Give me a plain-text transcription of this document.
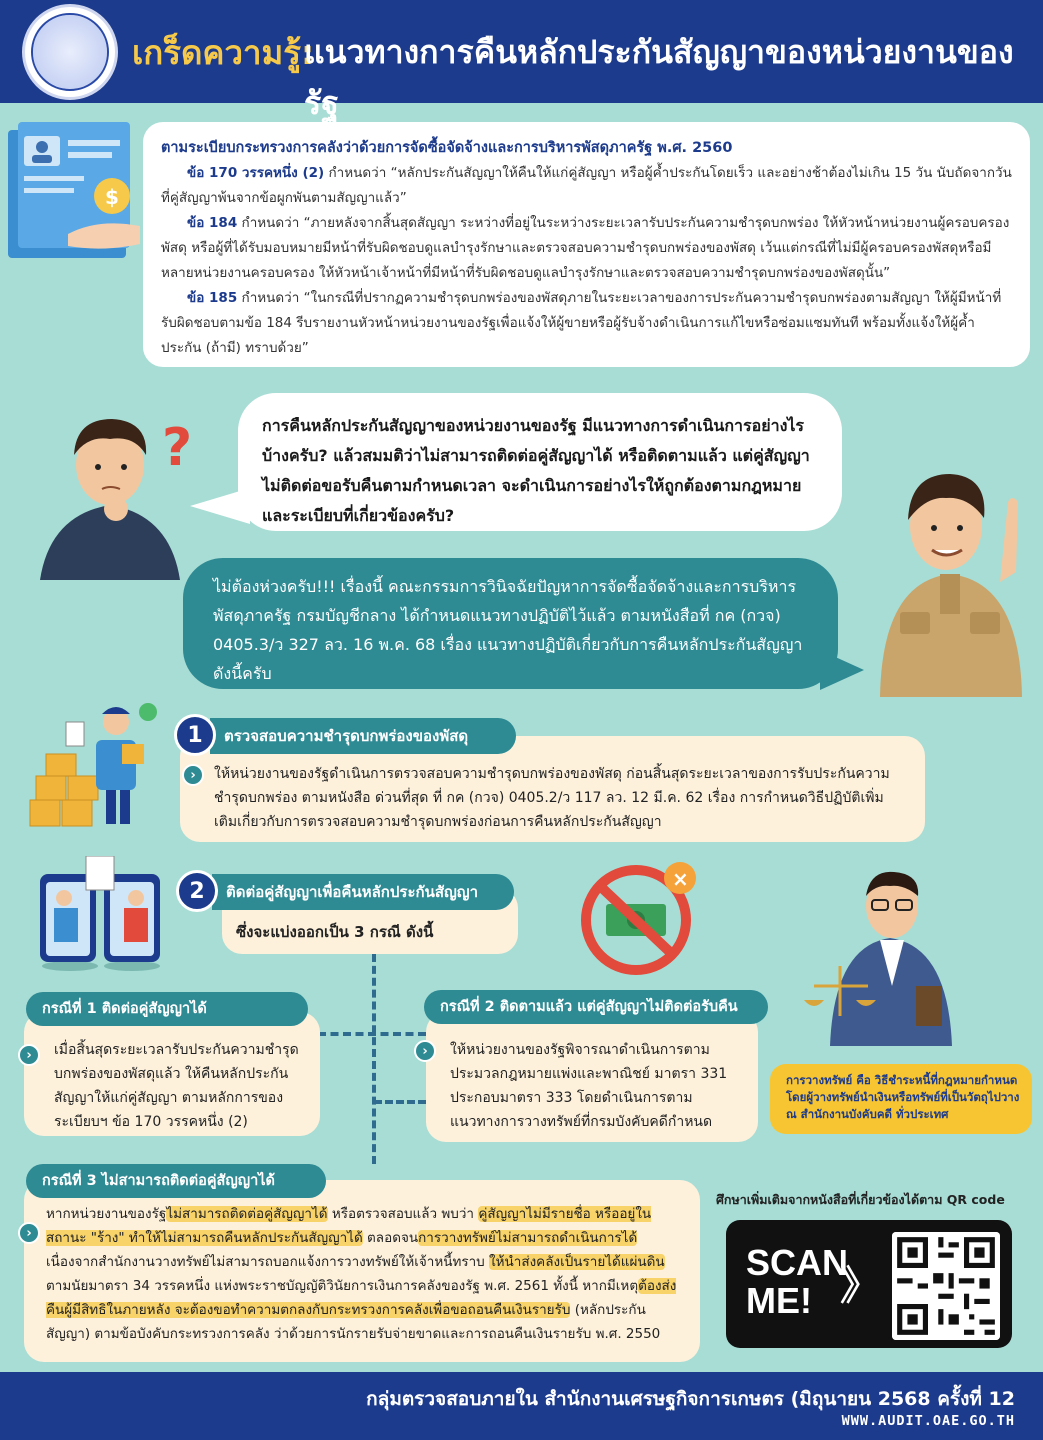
เกร็ดความรู้:
แนวทางการคืนหลักประกันสัญญาของหน่วยงานของรัฐ
$
ตามระเบียบกระทรวงการคลังว่าด้วยการจัดซื้อจัดจ้างและการบริหารพัสดุภาครัฐ พ.ศ. 2560

ข้อ 170 วรรคหนึ่ง (2) กำหนดว่า “หลักประกันสัญญาให้คืนให้แก่คู่สัญญา หรือผู้ค้ำประกันโดยเร็ว และอย่างช้าต้องไม่เกิน 15 วัน นับถัดจากวันที่คู่สัญญาพ้นจากข้อผูกพันตามสัญญาแล้ว”

ข้อ 184 กำหนดว่า “ภายหลังจากสิ้นสุดสัญญา ระหว่างที่อยู่ในระหว่างระยะเวลารับประกันความชำรุดบกพร่อง ให้หัวหน้าหน่วยงานผู้ครอบครองพัสดุ หรือผู้ที่ได้รับมอบหมายมีหน้าที่รับผิดชอบดูแลบำรุงรักษาและตรวจสอบความชำรุดบกพร่องของพัสดุ เว้นแต่กรณีที่ไม่มีผู้ครอบครองพัสดุหรือมีหลายหน่วยงานครอบครอง ให้หัวหน้าเจ้าหน้าที่มีหน้าที่รับผิดชอบดูแลบำรุงรักษาและตรวจสอบความชำรุดบกพร่องของพัสดุนั้น”

ข้อ 185 กำหนดว่า “ในกรณีที่ปรากฏความชำรุดบกพร่องของพัสดุภายในระยะเวลาของการประกันความชำรุดบกพร่องตามสัญญา ให้ผู้มีหน้าที่รับผิดชอบตามข้อ 184 รีบรายงานหัวหน้าหน่วยงานของรัฐเพื่อแจ้งให้ผู้ขายหรือผู้รับจ้างดำเนินการแก้ไขหรือซ่อมแซมทันที พร้อมทั้งแจ้งให้ผู้ค้ำประกัน (ถ้ามี) ทราบด้วย”

?	การคืนหลักประกันสัญญาของหน่วยงานของรัฐ มีแนวทางการดำเนินการอย่างไรบ้างครับ? แล้วสมมติว่าไม่สามารถติดต่อคู่สัญญาได้ หรือติดตามแล้ว แต่คู่สัญญาไม่ติดต่อขอรับคืนตามกำหนดเวลา จะดำเนินการอย่างไรให้ถูกต้องตามกฎหมายและระเบียบที่เกี่ยวข้องครับ?
ไม่ต้องห่วงครับ!!! เรื่องนี้ คณะกรรมการวินิจฉัยปัญหาการจัดซื้อจัดจ้างและการบริหารพัสดุภาครัฐ กรมบัญชีกลาง ได้กำหนดแนวทางปฏิบัติไว้แล้ว ตามหนังสือที่ กค (กวจ) 0405.3/ว 327 ลว. 16 พ.ค. 68 เรื่อง แนวทางปฏิบัติเกี่ยวกับการคืนหลักประกันสัญญา ดังนี้ครับ
ให้หน่วยงานของรัฐดำเนินการตรวจสอบความชำรุดบกพร่องของพัสดุ ก่อนสิ้นสุดระยะเวลาของการรับประกันความชำรุดบกพร่อง ตามหนังสือ ด่วนที่สุด ที่ กค (กวจ) 0405.2/ว 117 ลว. 12 มี.ค. 62 เรื่อง การกำหนดวิธีปฏิบัติเพิ่มเติมเกี่ยวกับการตรวจสอบความชำรุดบกพร่องก่อนการคืนหลักประกันสัญญา
›
ตรวจสอบความชำรุดบกพร่องของพัสดุ
1
ซึ่งจะแบ่งออกเป็น 3 กรณี ดังนี้
ติดต่อคู่สัญญาเพื่อคืนหลักประกันสัญญา
2	×
เมื่อสิ้นสุดระยะเวลารับประกันความชำรุดบกพร่องของพัสดุแล้ว ให้คืนหลักประกันสัญญาให้แก่คู่สัญญา ตามหลักการของระเบียบฯ ข้อ 170 วรรคหนึ่ง (2)
›
กรณีที่ 1 ติดต่อคู่สัญญาได้
ให้หน่วยงานของรัฐพิจารณาดำเนินการตามประมวลกฎหมายแพ่งและพาณิชย์ มาตรา 331 ประกอบมาตรา 333 โดยดำเนินการตามแนวทางการวางทรัพย์ที่กรมบังคับคดีกำหนด
›
กรณีที่ 2 ติดตามแล้ว แต่คู่สัญญาไม่ติดต่อรับคืน
การวางทรัพย์ คือ วิธีชำระหนี้ที่กฎหมายกำหนด โดยผู้วางทรัพย์นำเงินหรือทรัพย์ที่เป็นวัตถุไปวาง ณ สำนักงานบังคับคดี ทั่วประเทศ
หากหน่วยงานของรัฐไม่สามารถติดต่อคู่สัญญาได้ หรือตรวจสอบแล้ว พบว่า คู่สัญญาไม่มีรายชื่อ หรืออยู่ในสถานะ "ร้าง" ทำให้ไม่สามารถคืนหลักประกันสัญญาได้ ตลอดจนการวางทรัพย์ไม่สามารถดำเนินการได้ เนื่องจากสำนักงานวางทรัพย์ไม่สามารถบอกแจ้งการวางทรัพย์ให้เจ้าหนี้ทราบ ให้นำส่งคลังเป็นรายได้แผ่นดิน ตามนัยมาตรา 34 วรรคหนึ่ง แห่งพระราชบัญญัติวินัยการเงินการคลังของรัฐ พ.ศ. 2561 ทั้งนี้ หากมีเหตุต้องส่งคืนผู้มีสิทธิในภายหลัง จะต้องขอทำความตกลงกับกระทรวงการคลังเพื่อขอถอนคืนเงินรายรับ (หลักประกันสัญญา) ตามข้อบังคับกระทรวงการคลัง ว่าด้วยการนักรายรับจ่ายขาดและการถอนคืนเงินรายรับ พ.ศ. 2550
›
กรณีที่ 3 ไม่สามารถติดต่อคู่สัญญาได้
ศึกษาเพิ่มเติมจากหนังสือที่เกี่ยวข้องได้ตาม QR code
SCAN
ME! 》
กลุ่มตรวจสอบภายใน สำนักงานเศรษฐกิจการเกษตร (มิถุนายน 2568 ครั้งที่ 12
WWW.AUDIT.OAE.GO.TH
